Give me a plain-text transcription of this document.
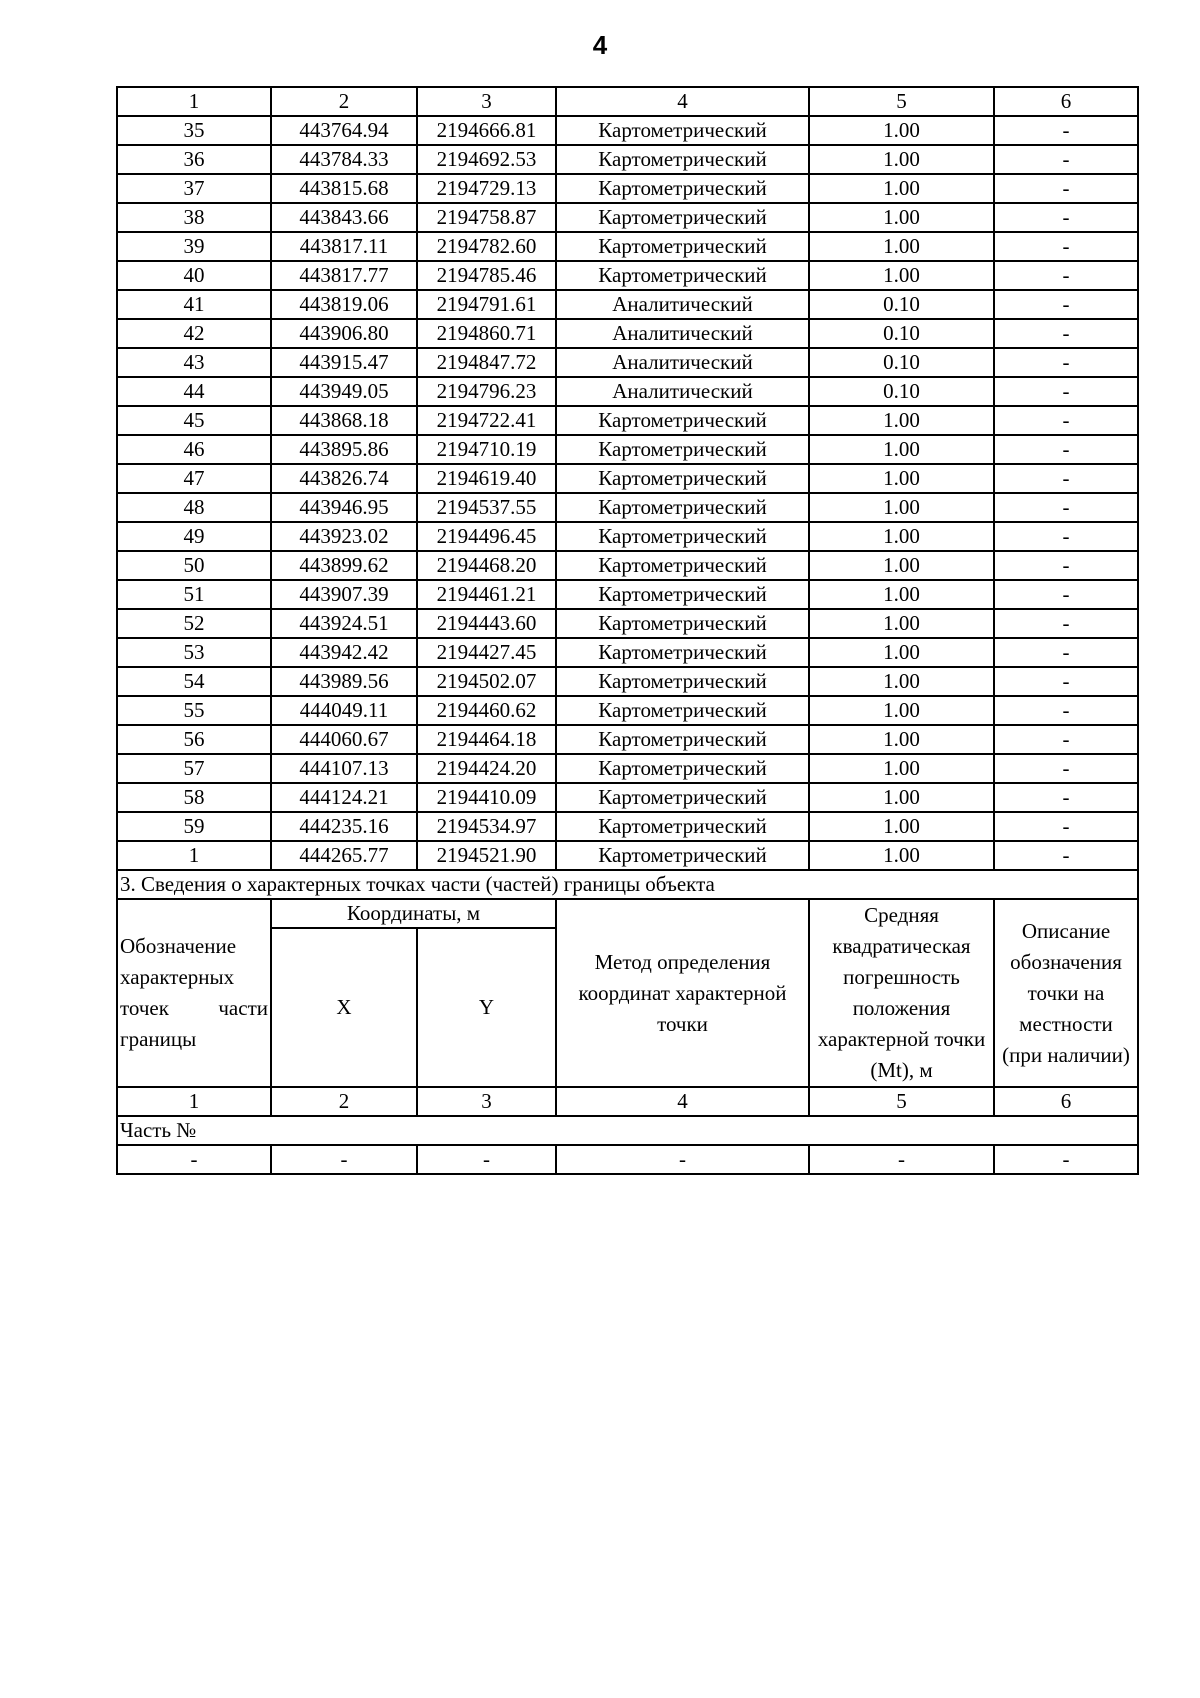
4
1	2	3	4	5	6
35	443764.94	2194666.81	Картометрический	1.00	-
36	443784.33	2194692.53	Картометрический	1.00	-
37	443815.68	2194729.13	Картометрический	1.00	-
38	443843.66	2194758.87	Картометрический	1.00	-
39	443817.11	2194782.60	Картометрический	1.00	-
40	443817.77	2194785.46	Картометрический	1.00	-
41	443819.06	2194791.61	Аналитический	0.10	-
42	443906.80	2194860.71	Аналитический	0.10	-
43	443915.47	2194847.72	Аналитический	0.10	-
44	443949.05	2194796.23	Аналитический	0.10	-
45	443868.18	2194722.41	Картометрический	1.00	-
46	443895.86	2194710.19	Картометрический	1.00	-
47	443826.74	2194619.40	Картометрический	1.00	-
48	443946.95	2194537.55	Картометрический	1.00	-
49	443923.02	2194496.45	Картометрический	1.00	-
50	443899.62	2194468.20	Картометрический	1.00	-
51	443907.39	2194461.21	Картометрический	1.00	-
52	443924.51	2194443.60	Картометрический	1.00	-
53	443942.42	2194427.45	Картометрический	1.00	-
54	443989.56	2194502.07	Картометрический	1.00	-
55	444049.11	2194460.62	Картометрический	1.00	-
56	444060.67	2194464.18	Картометрический	1.00	-
57	444107.13	2194424.20	Картометрический	1.00	-
58	444124.21	2194410.09	Картометрический	1.00	-
59	444235.16	2194534.97	Картометрический	1.00	-
1	444265.77	2194521.90	Картометрический	1.00	-
3. Сведения о характерных точках части (частей) границы объекта					

Обозначение
характерных
точек части
границы	Координаты, м		Метод определения координат характерной точки	Средняя квадратическая погрешность положения характерной точки (Mt), м	Описание обозначения точки на местности (при наличии)
	X	Y			
1	2	3	4	5	6
Часть №					
-	-	-	-	-	-
